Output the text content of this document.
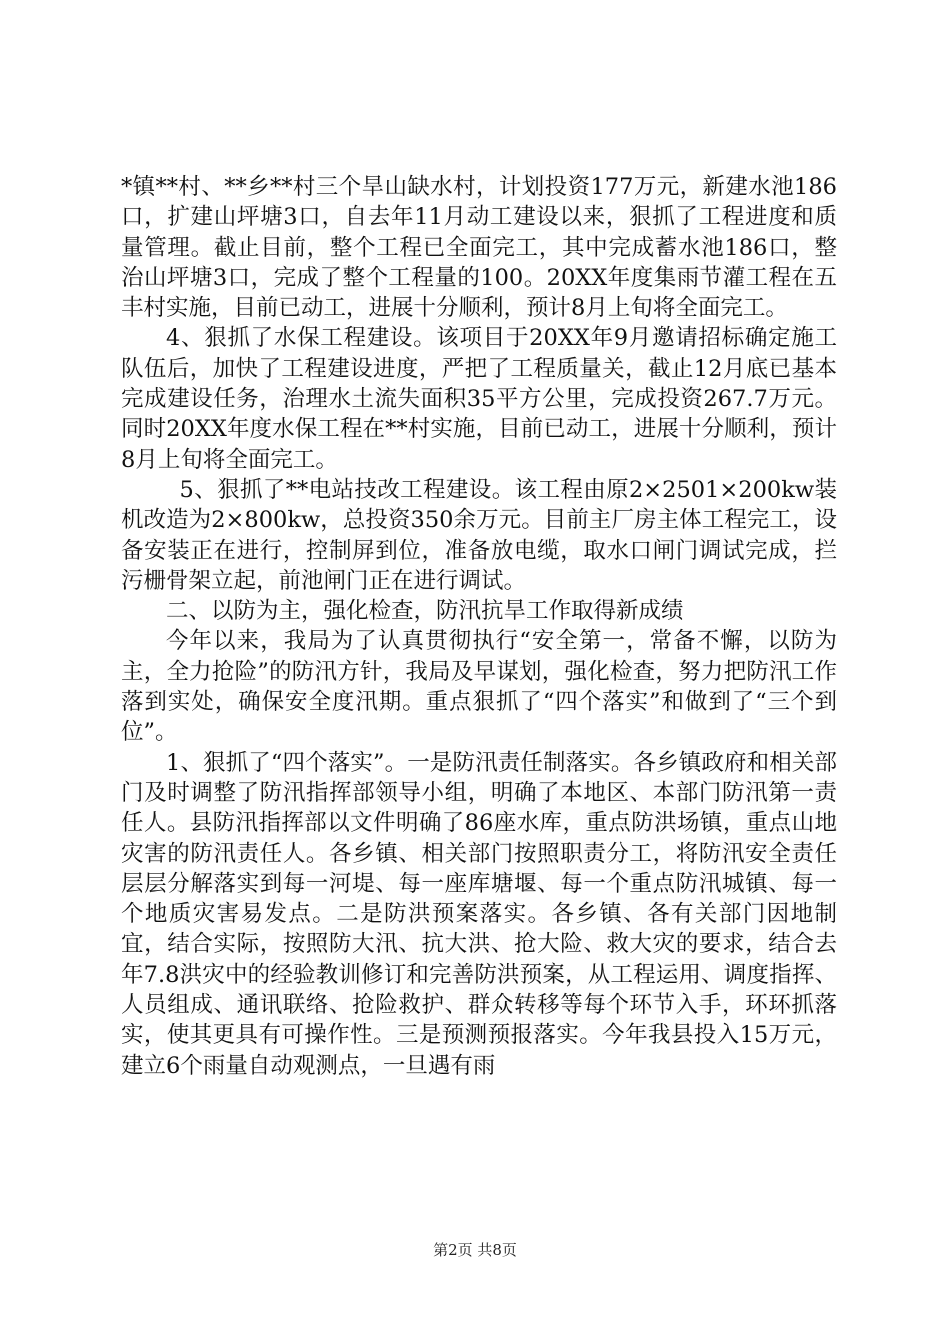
*镇**村、**乡**村三个旱山缺水村，计划投资177万元，新建水池186口，扩建山坪塘3口，自去年11月动工建设以来，狠抓了工程进度和质量管理。截止目前，整个工程已全面完工，其中完成蓄水池186口，整治山坪塘3口，完成了整个工程量的100。20XX年度集雨节灌工程在五丰村实施，目前已动工，进展十分顺利，预计8月上旬将全面完工。

4、狠抓了水保工程建设。该项目于20XX年9月邀请招标确定施工队伍后，加快了工程建设进度，严把了工程质量关，截止12月底已基本完成建设任务，治理水土流失面积35平方公里，完成投资267.7万元。同时20XX年度水保工程在**村实施，目前已动工，进展十分顺利，预计8月上旬将全面完工。

5、狠抓了**电站技改工程建设。该工程由原2×2501×200kw装机改造为2×800kw，总投资350余万元。目前主厂房主体工程完工，设备安装正在进行，控制屏到位，准备放电缆，取水口闸门调试完成，拦污栅骨架立起，前池闸门正在进行调试。

二、以防为主，强化检查，防汛抗旱工作取得新成绩

今年以来，我局为了认真贯彻执行“安全第一，常备不懈，以防为主，全力抢险”的防汛方针，我局及早谋划，强化检查，努力把防汛工作落到实处，确保安全度汛期。重点狠抓了“四个落实”和做到了“三个到位”。

1、狠抓了“四个落实”。一是防汛责任制落实。各乡镇政府和相关部门及时调整了防汛指挥部领导小组，明确了本地区、本部门防汛第一责任人。县防汛指挥部以文件明确了86座水库，重点防洪场镇，重点山地灾害的防汛责任人。各乡镇、相关部门按照职责分工，将防汛安全责任层层分解落实到每一河堤、每一座库塘堰、每一个重点防汛城镇、每一个地质灾害易发点。二是防洪预案落实。各乡镇、各有关部门因地制宜，结合实际，按照防大汛、抗大洪、抢大险、救大灾的要求，结合去年7.8洪灾中的经验教训修订和完善防洪预案，从工程运用、调度指挥、人员组成、通讯联络、抢险救护、群众转移等每个环节入手，环环抓落实，使其更具有可操作性。三是预测预报落实。今年我县投入15万元，建立6个雨量自动观测点，一旦遇有雨

第2页 共8页
